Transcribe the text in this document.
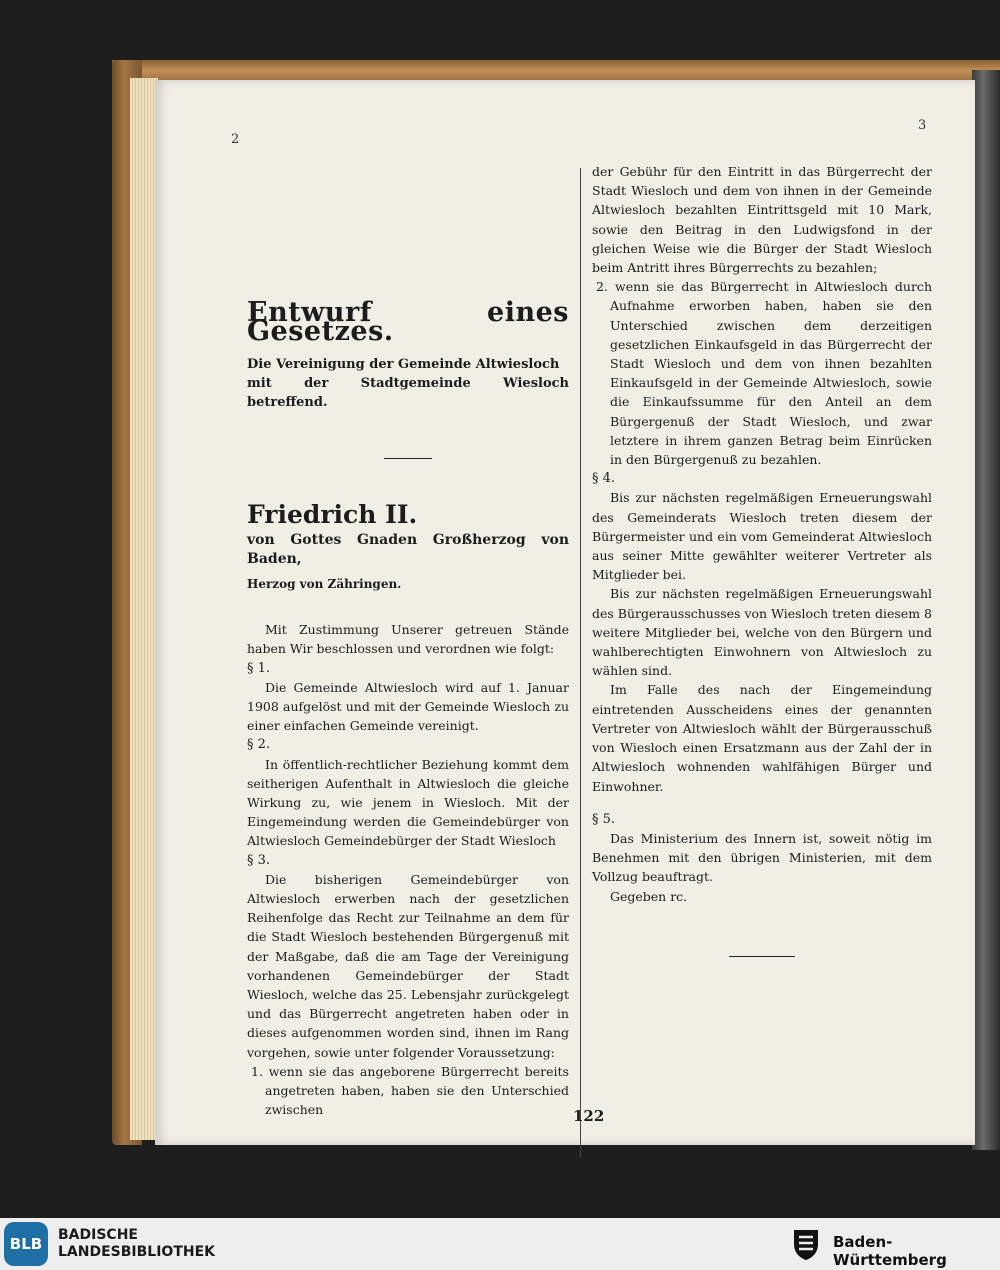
2
3

Entwurf eines Gesetzes.

Die Vereinigung der Gemeinde Altwiesloch

mit der Stadtgemeinde Wiesloch betreffend.

Friedrich II.

von Gottes Gnaden Großherzog von Baden,

Herzog von Zähringen.

Mit Zustimmung Unserer getreuen Stände haben Wir beschlossen und verordnen wie folgt:

§ 1.

Die Gemeinde Altwiesloch wird auf 1. Januar 1908 aufgelöst und mit der Gemeinde Wiesloch zu einer einfachen Gemeinde vereinigt.

§ 2.

In öffentlich-rechtlicher Beziehung kommt dem seitherigen Aufenthalt in Altwiesloch die gleiche Wirkung zu, wie jenem in Wiesloch. Mit der Eingemeindung werden die Gemeindebürger von Altwiesloch Gemeindebürger der Stadt Wiesloch

§ 3.

Die bisherigen Gemeindebürger von Altwiesloch erwerben nach der gesetzlichen Reihenfolge das Recht zur Teilnahme an dem für die Stadt Wiesloch bestehenden Bürgergenuß mit der Maßgabe, daß die am Tage der Vereinigung vorhandenen Gemeindebürger der Stadt Wiesloch, welche das 25. Lebensjahr zurückgelegt und das Bürgerrecht angetreten haben oder in dieses aufgenommen worden sind, ihnen im Rang vorgehen, sowie unter folgender Voraussetzung:

1. wenn sie das angeborene Bürgerrecht bereits angetreten haben, haben sie den Unterschied zwischen

der Gebühr für den Eintritt in das Bürgerrecht der Stadt Wiesloch und dem von ihnen in der Gemeinde Altwiesloch bezahlten Eintrittsgeld mit 10 Mark, sowie den Beitrag in den Ludwigsfond in der gleichen Weise wie die Bürger der Stadt Wiesloch beim Antritt ihres Bürgerrechts zu bezahlen;

2. wenn sie das Bürgerrecht in Altwiesloch durch Aufnahme erworben haben, haben sie den Unterschied zwischen dem derzeitigen gesetzlichen Einkaufsgeld in das Bürgerrecht der Stadt Wiesloch und dem von ihnen bezahlten Einkaufsgeld in der Gemeinde Altwiesloch, sowie die Einkaufssumme für den Anteil an dem Bürgergenuß der Stadt Wiesloch, und zwar letztere in ihrem ganzen Betrag beim Einrücken in den Bürgergenuß zu bezahlen.

§ 4.

Bis zur nächsten regelmäßigen Erneuerungswahl des Gemeinderats Wiesloch treten diesem der Bürgermeister und ein vom Gemeinderat Altwiesloch aus seiner Mitte gewählter weiterer Vertreter als Mitglieder bei.

Bis zur nächsten regelmäßigen Erneuerungswahl des Bürgerausschusses von Wiesloch treten diesem 8 weitere Mitglieder bei, welche von den Bürgern und wahlberechtigten Einwohnern von Altwiesloch zu wählen sind.

Im Falle des nach der Eingemeindung eintretenden Ausscheidens eines der genannten Vertreter von Altwiesloch wählt der Bürgerausschuß von Wiesloch einen Ersatzmann aus der Zahl der in Altwiesloch wohnenden wahlfähigen Bürger und Einwohner.

§ 5.

Das Ministerium des Innern ist, soweit nötig im Benehmen mit den übrigen Ministerien, mit dem Vollzug beauftragt.

Gegeben rc.

122
BLB	BADISCHE
LANDESBIBLIOTHEK
Baden-Württemberg
